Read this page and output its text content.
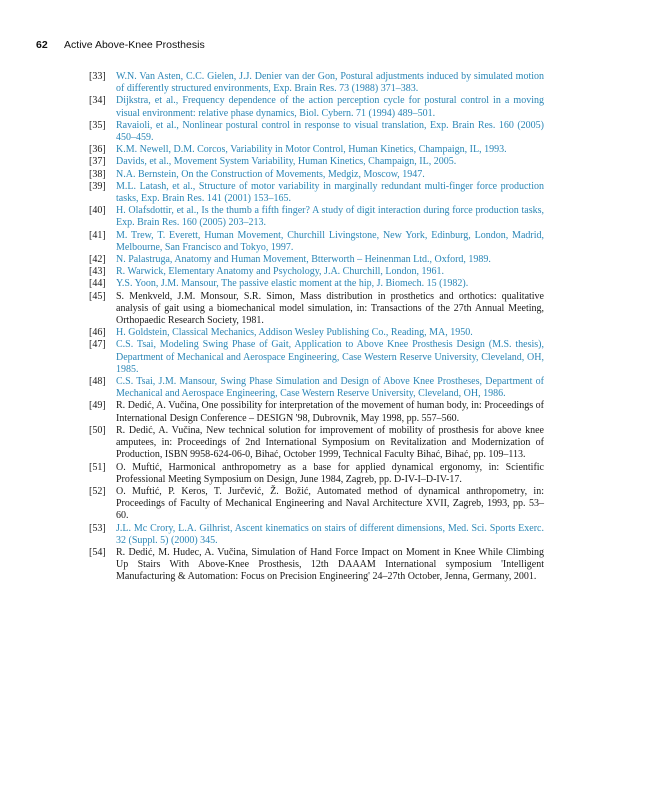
62 Active Above-Knee Prosthesis

[33] W.N. Van Asten, C.C. Gielen, J.J. Denier van der Gon, Postural adjustments induced by simulated motion of differently structured environments, Exp. Brain Res. 73 (1988) 371–383.

[34] Dijkstra, et al., Frequency dependence of the action perception cycle for postural control in a moving visual environment: relative phase dynamics, Biol. Cybern. 71 (1994) 489–501.

[35] Ravaioli, et al., Nonlinear postural control in response to visual translation, Exp. Brain Res. 160 (2005) 450–459.

[36] K.M. Newell, D.M. Corcos, Variability in Motor Control, Human Kinetics, Champaign, IL, 1993.

[37] Davids, et al., Movement System Variability, Human Kinetics, Champaign, IL, 2005.

[38] N.A. Bernstein, On the Construction of Movements, Medgiz, Moscow, 1947.

[39] M.L. Latash, et al., Structure of motor variability in marginally redundant multi-finger force production tasks, Exp. Brain Res. 141 (2001) 153–165.

[40] H. Olafsdottir, et al., Is the thumb a fifth finger? A study of digit interaction during force production tasks, Exp. Brain Res. 160 (2005) 203–213.

[41] M. Trew, T. Everett, Human Movement, Churchill Livingstone, New York, Edinburg, London, Madrid, Melbourne, San Francisco and Tokyo, 1997.

[42] N. Palastruga, Anatomy and Human Movement, Btterworth – Heinenman Ltd., Oxford, 1989.

[43] R. Warwick, Elementary Anatomy and Psychology, J.A. Churchill, London, 1961.

[44] Y.S. Yoon, J.M. Mansour, The passive elastic moment at the hip, J. Biomech. 15 (1982).

[45] S. Menkveld, J.M. Monsour, S.R. Simon, Mass distribution in prosthetics and orthotics: qualitative analysis of gait using a biomechanical model simulation, in: Transactions of the 27th Annual Meeting, Orthopaedic Research Society, 1981.

[46] H. Goldstein, Classical Mechanics, Addison Wesley Publishing Co., Reading, MA, 1950.

[47] C.S. Tsai, Modeling Swing Phase of Gait, Application to Above Knee Prosthesis Design (M.S. thesis), Department of Mechanical and Aerospace Engineering, Case Western Reserve University, Cleveland, OH, 1985.

[48] C.S. Tsai, J.M. Mansour, Swing Phase Simulation and Design of Above Knee Prostheses, Department of Mechanical and Aerospace Engineering, Case Western Reserve University, Cleveland, OH, 1986.

[49] R. Dedić, A. Vučina, One possibility for interpretation of the movement of human body, in: Proceedings of International Design Conference – DESIGN '98, Dubrovnik, May 1998, pp. 557–560.

[50] R. Dedić, A. Vučina, New technical solution for improvement of mobility of prosthesis for above knee amputees, in: Proceedings of 2nd International Symposium on Revitalization and Modernization of Production, ISBN 9958-624-06-0, Bihać, October 1999, Technical Faculty Bihać, Bihać, pp. 109–113.

[51] O. Muftić, Harmonical anthropometry as a base for applied dynamical ergonomy, in: Scientific Professional Meeting Symposium on Design, June 1984, Zagreb, pp. D-IV-I–D-IV-17.

[52] O. Muftić, P. Keros, T. Jurčević, Ž. Božić, Automated method of dynamical anthropometry, in: Proceedings of Faculty of Mechanical Engineering and Naval Architecture XVII, Zagreb, 1993, pp. 53–60.

[53] J.L. Mc Crory, L.A. Gilhrist, Ascent kinematics on stairs of different dimensions, Med. Sci. Sports Exerc. 32 (Suppl. 5) (2000) 345.

[54] R. Dedić, M. Hudec, A. Vučina, Simulation of Hand Force Impact on Moment in Knee While Climbing Up Stairs With Above-Knee Prosthesis, 12th DAAAM International symposium 'Intelligent Manufacturing & Automation: Focus on Precision Engineering' 24–27th October, Jenna, Germany, 2001.
